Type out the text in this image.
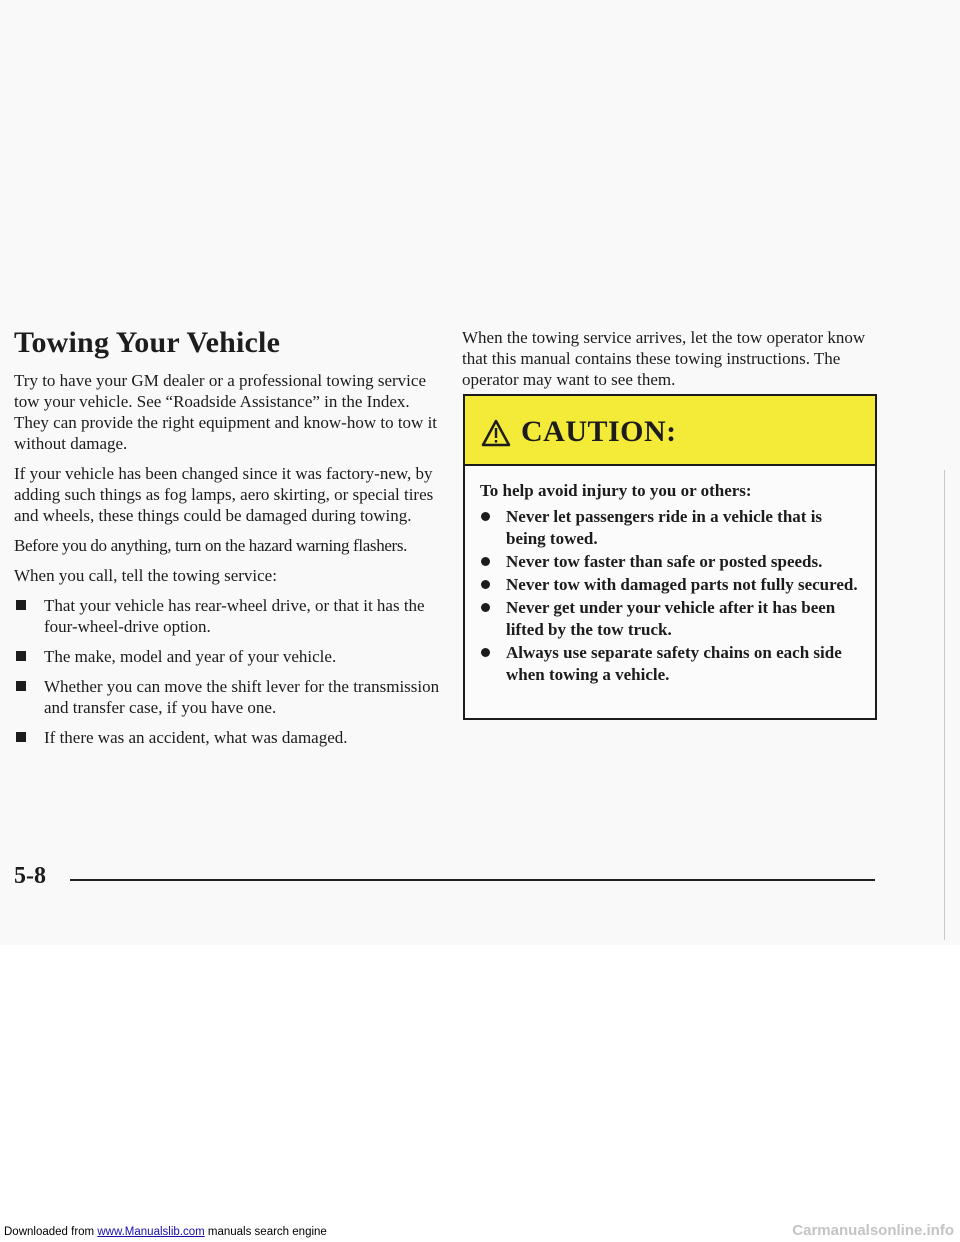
Towing Your Vehicle

Try to have your GM dealer or a professional towing service tow your vehicle. See “Roadside Assistance” in the Index. They can provide the right equipment and know-how to tow it without damage.

If your vehicle has been changed since it was factory-new, by adding such things as fog lamps, aero skirting, or special tires and wheels, these things could be damaged during towing.

Before you do anything, turn on the hazard warning flashers.

When you call, tell the towing service:

That your vehicle has rear-wheel drive, or that it has the four-wheel-drive option.
The make, model and year of your vehicle.
Whether you can move the shift lever for the transmission and transfer case, if you have one.
If there was an accident, what was damaged.

When the towing service arrives, let the tow operator know that this manual contains these towing instructions. The operator may want to see them.

CAUTION:

To help avoid injury to you or others:

Never let passengers ride in a vehicle that is being towed.
Never tow faster than safe or posted speeds.
Never tow with damaged parts not fully secured.
Never get under your vehicle after it has been lifted by the tow truck.
Always use separate safety chains on each side when towing a vehicle.
5-8
Downloaded from www.Manualslib.com manuals search engine	Carmanualsonline.info
